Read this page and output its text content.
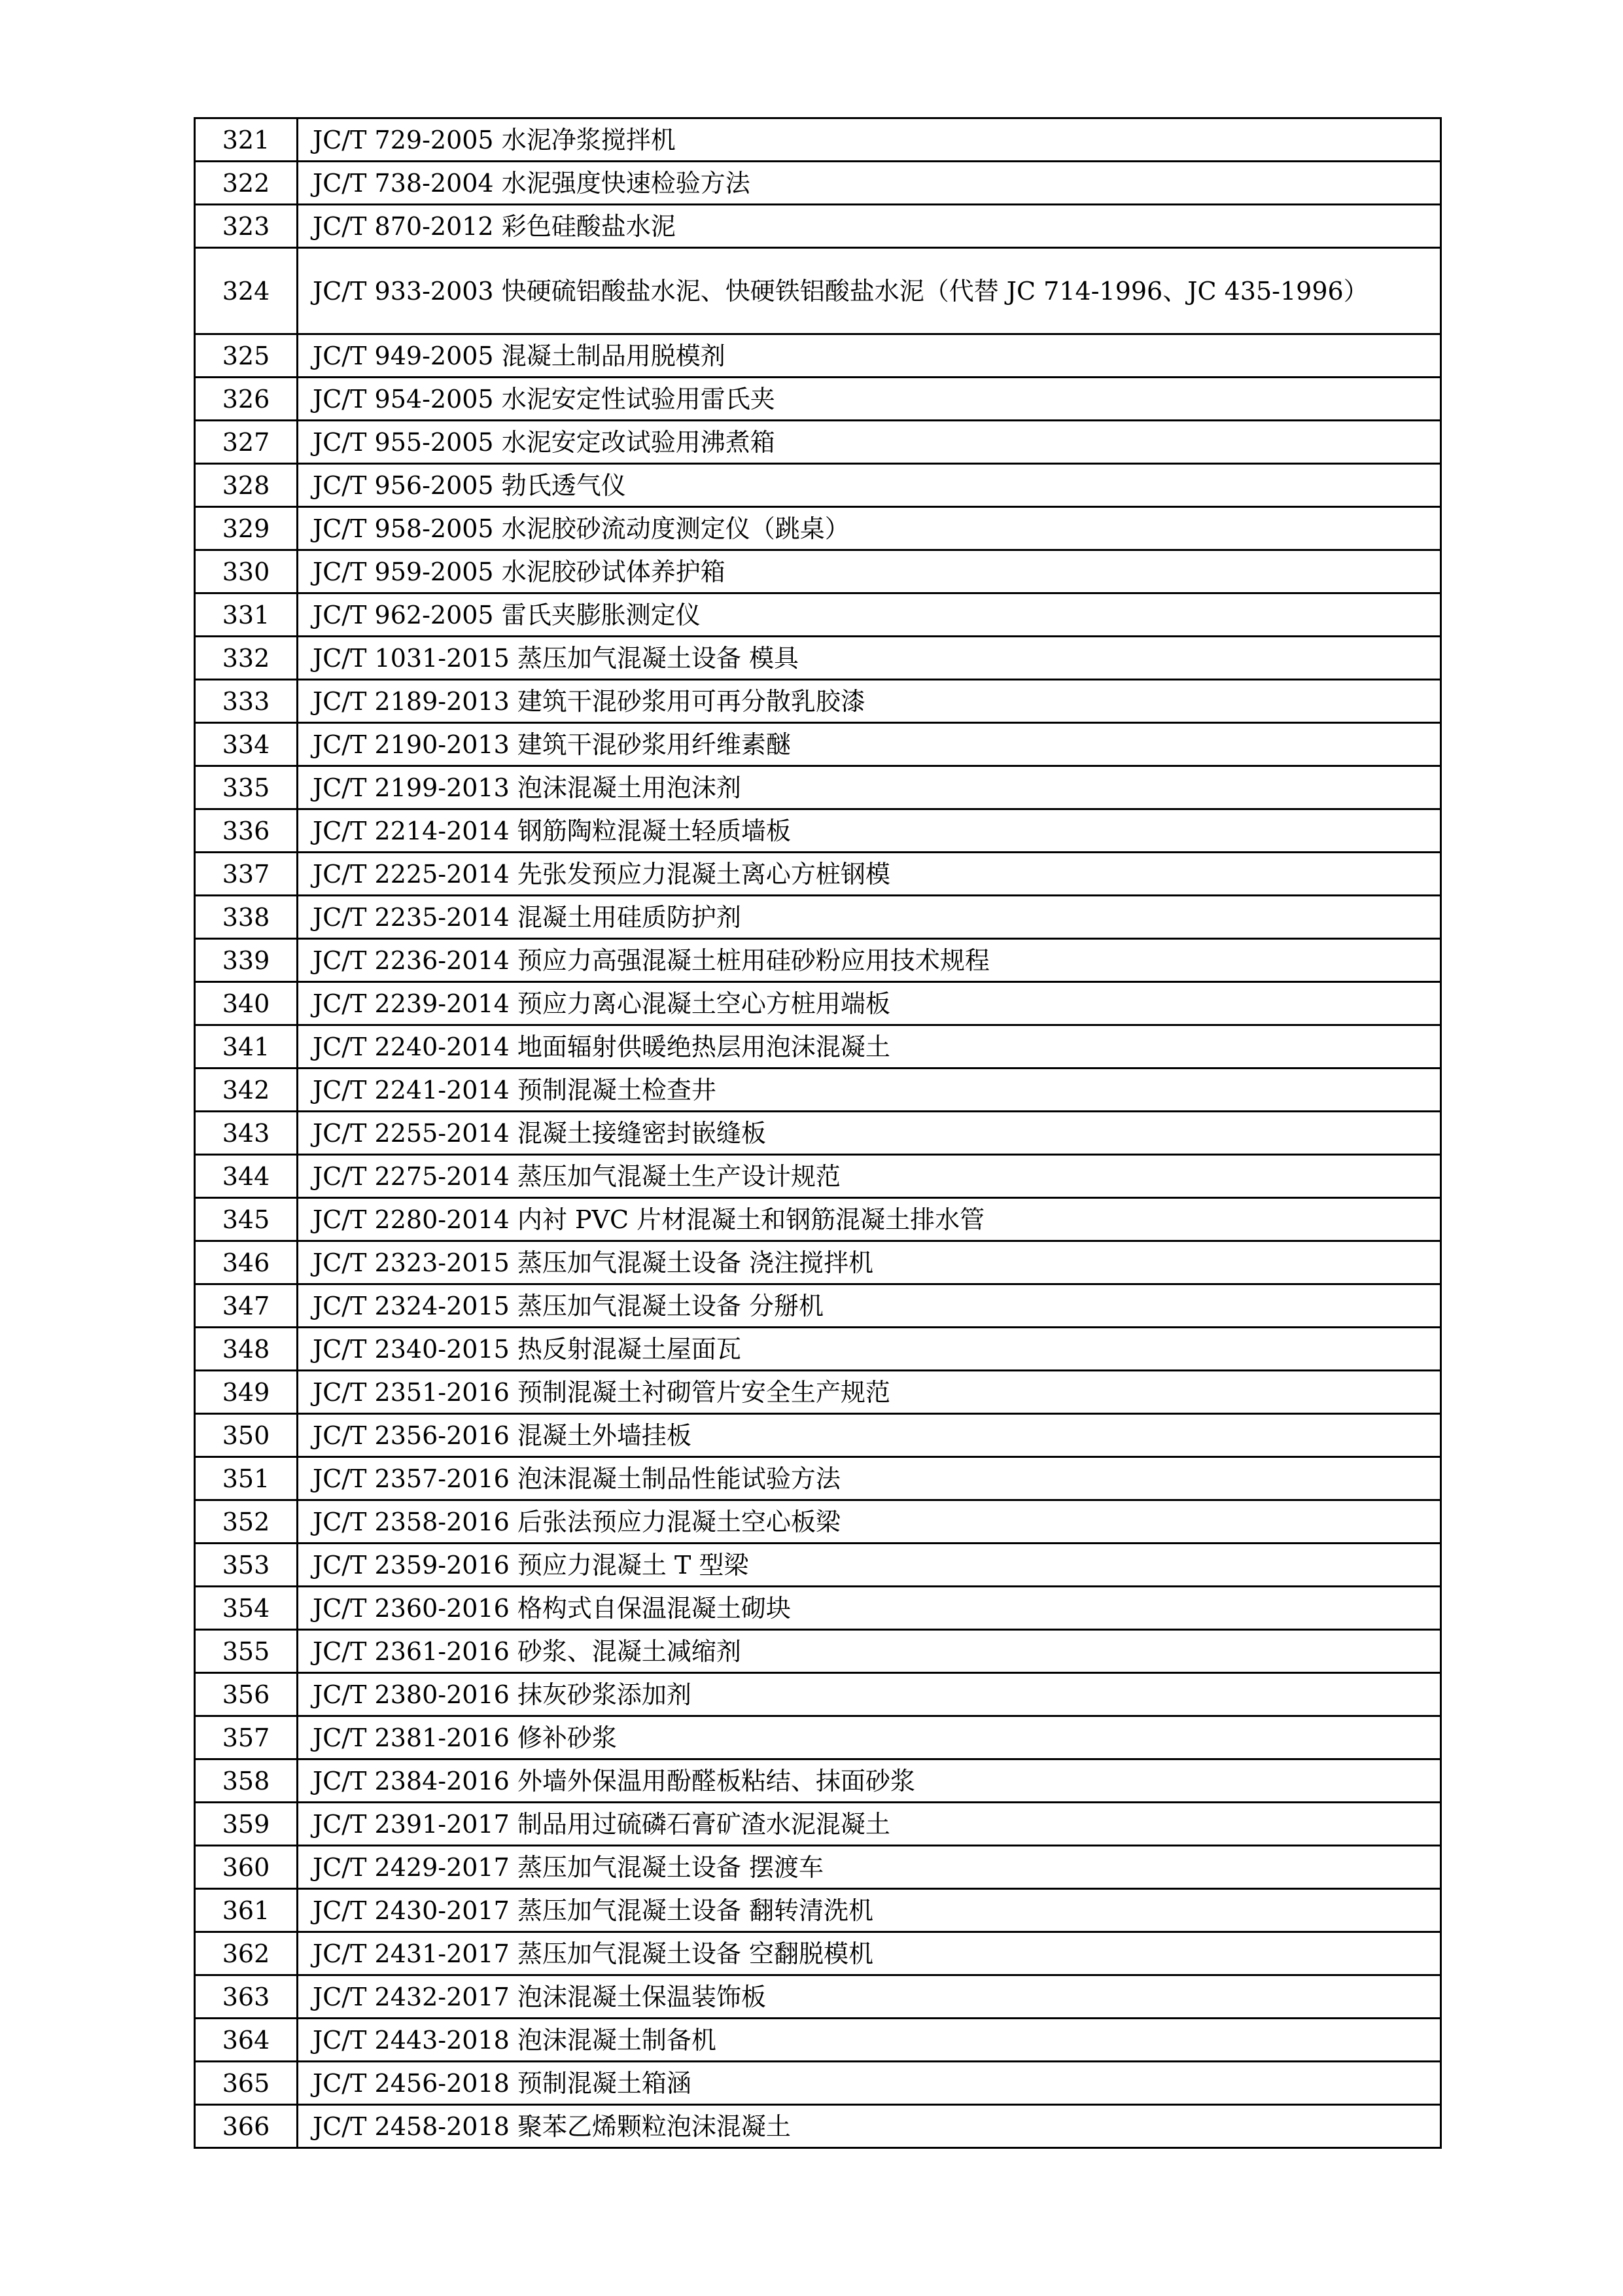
321	JC/T 729-2005 水泥净浆搅拌机
322	JC/T 738-2004 水泥强度快速检验方法
323	JC/T 870-2012 彩色硅酸盐水泥
324	JC/T 933-2003 快硬硫铝酸盐水泥、快硬铁铝酸盐水泥（代替 JC 714-1996、JC 435-1996）
325	JC/T 949-2005 混凝土制品用脱模剂
326	JC/T 954-2005 水泥安定性试验用雷氏夹
327	JC/T 955-2005 水泥安定改试验用沸煮箱
328	JC/T 956-2005 勃氏透气仪
329	JC/T 958-2005 水泥胶砂流动度测定仪（跳桌）
330	JC/T 959-2005 水泥胶砂试体养护箱
331	JC/T 962-2005 雷氏夹膨胀测定仪
332	JC/T 1031-2015 蒸压加气混凝土设备 模具
333	JC/T 2189-2013 建筑干混砂浆用可再分散乳胶漆
334	JC/T 2190-2013 建筑干混砂浆用纤维素醚
335	JC/T 2199-2013 泡沫混凝土用泡沫剂
336	JC/T 2214-2014 钢筋陶粒混凝土轻质墙板
337	JC/T 2225-2014 先张发预应力混凝土离心方桩钢模
338	JC/T 2235-2014 混凝土用硅质防护剂
339	JC/T 2236-2014 预应力高强混凝土桩用硅砂粉应用技术规程
340	JC/T 2239-2014 预应力离心混凝土空心方桩用端板
341	JC/T 2240-2014 地面辐射供暖绝热层用泡沫混凝土
342	JC/T 2241-2014 预制混凝土检查井
343	JC/T 2255-2014 混凝土接缝密封嵌缝板
344	JC/T 2275-2014 蒸压加气混凝土生产设计规范
345	JC/T 2280-2014 内衬 PVC 片材混凝土和钢筋混凝土排水管
346	JC/T 2323-2015 蒸压加气混凝土设备 浇注搅拌机
347	JC/T 2324-2015 蒸压加气混凝土设备 分掰机
348	JC/T 2340-2015 热反射混凝土屋面瓦
349	JC/T 2351-2016 预制混凝土衬砌管片安全生产规范
350	JC/T 2356-2016 混凝土外墙挂板
351	JC/T 2357-2016 泡沫混凝土制品性能试验方法
352	JC/T 2358-2016 后张法预应力混凝土空心板梁
353	JC/T 2359-2016 预应力混凝土 T 型梁
354	JC/T 2360-2016 格构式自保温混凝土砌块
355	JC/T 2361-2016 砂浆、混凝土减缩剂
356	JC/T 2380-2016 抹灰砂浆添加剂
357	JC/T 2381-2016 修补砂浆
358	JC/T 2384-2016 外墙外保温用酚醛板粘结、抹面砂浆
359	JC/T 2391-2017 制品用过硫磷石膏矿渣水泥混凝土
360	JC/T 2429-2017 蒸压加气混凝土设备 摆渡车
361	JC/T 2430-2017 蒸压加气混凝土设备 翻转清洗机
362	JC/T 2431-2017 蒸压加气混凝土设备 空翻脱模机
363	JC/T 2432-2017 泡沫混凝土保温装饰板
364	JC/T 2443-2018 泡沫混凝土制备机
365	JC/T 2456-2018 预制混凝土箱涵
366	JC/T 2458-2018 聚苯乙烯颗粒泡沫混凝土
